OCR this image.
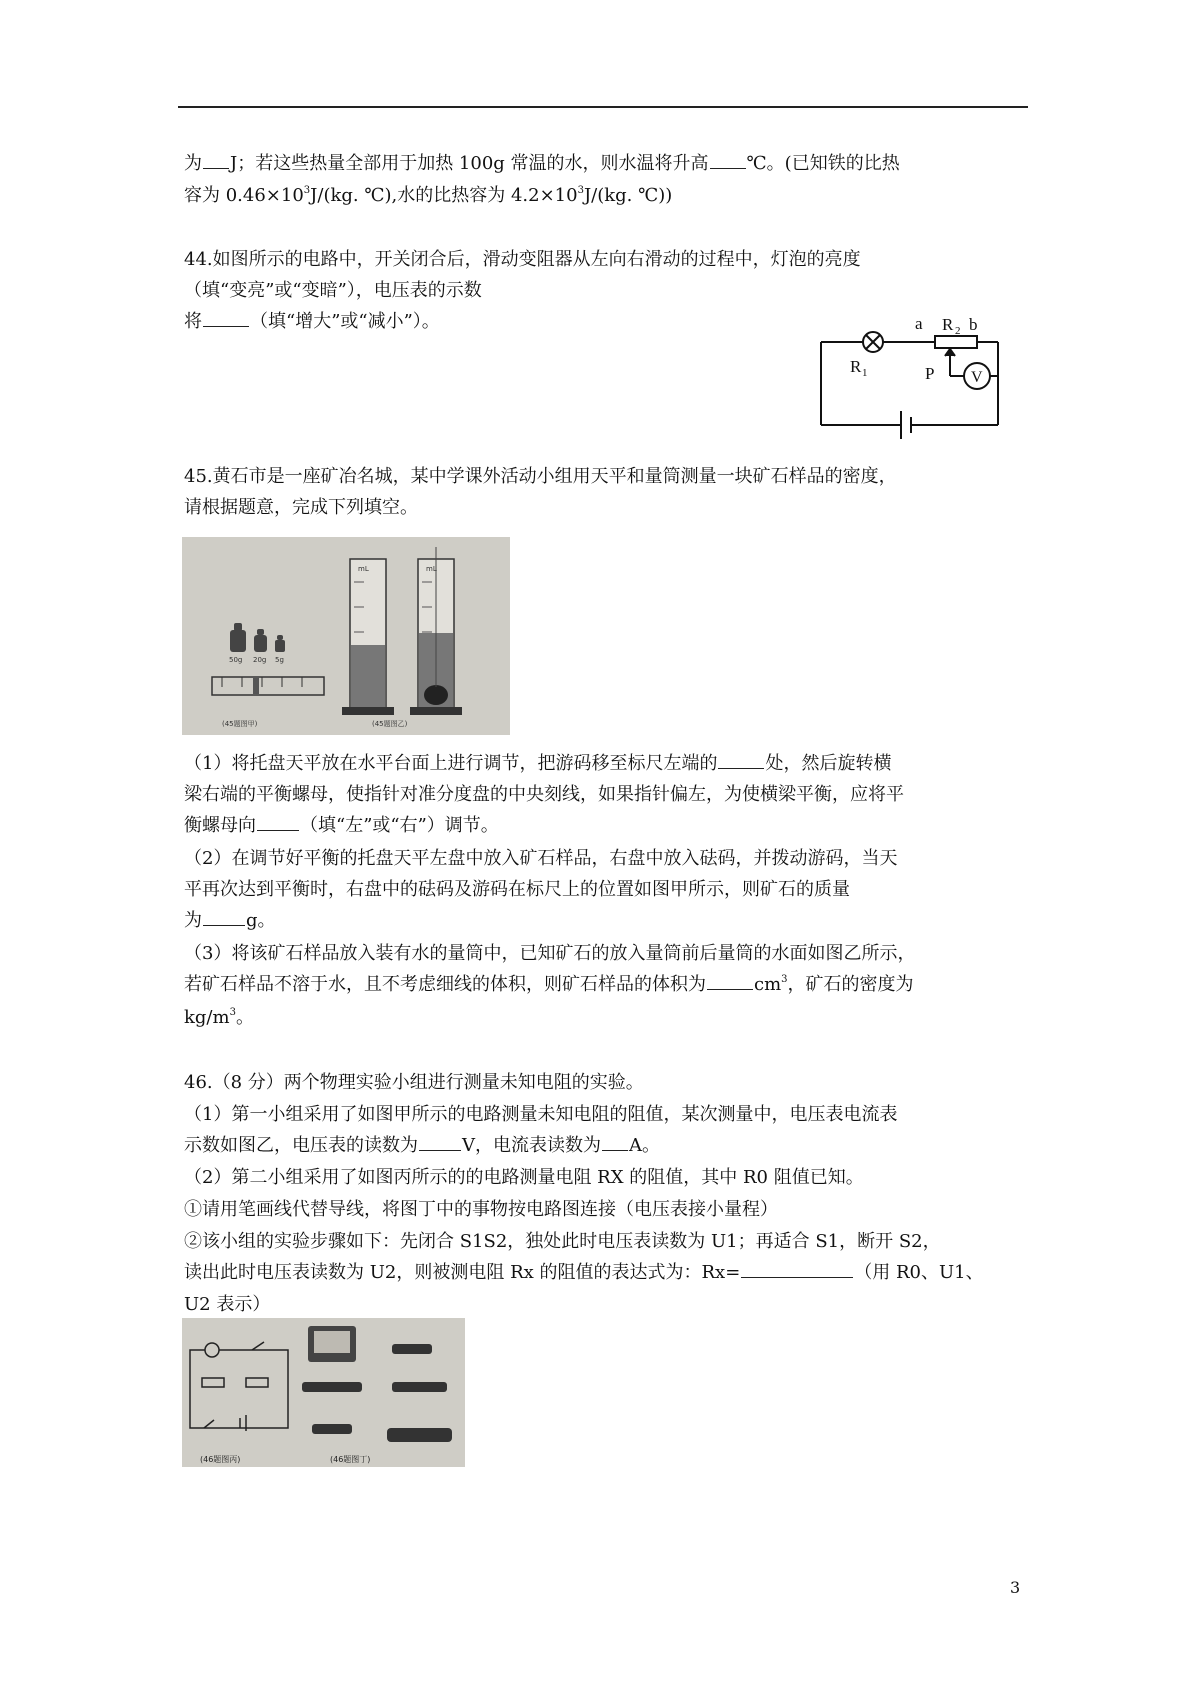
为 J；若这些热量全部用于加热 100g 常温的水，则水温将升高 ℃。(已知铁的比热
容为 $0.46\times 10^3J/(kg$. ℃),水的比热容为 $4.2\times 10^3J/(kg$. ℃))
44.如图所示的电路中，开关闭合后，滑动变阻器从左向右滑动的过程中，灯泡的亮度
（填“变亮”或“变暗”），电压表的示数
将	（填“增大”或“减小”）。	a R 2 b
R 1	P V
45.黄石市是一座矿冶名城，某中学课外活动小组用天平和量筒测量一块矿石样品的密度，
请根据题意，完成下列填空。
50g 20g 5g
mL	mL
(45题图甲)	(45题图乙)
（1）将托盘天平放在水平台面上进行调节，把游码移至标尺左端的	处，然后旋转横
梁右端的平衡螺母，使指针对准分度盘的中央刻线，如果指针偏左，为使横梁平衡，应将平
衡螺母向 （填“左”或“右”）调节。
（2）在调节好平衡的托盘天平左盘中放入矿石样品，右盘中放入砝码，并拨动游码，当天
平再次达到平衡时，右盘中的砝码及游码在标尺上的位置如图甲所示，则矿石的质量
为 g。
（3）将该矿石样品放入装有水的量筒中，已知矿石的放入量筒前后量筒的水面如图乙所示，
若矿石样品不溶于水，且不考虑细线的体积，则矿石样品的体积为	$cm^3$，矿石的密度为
$kg/m^3$。
46.（8 分）两个物理实验小组进行测量未知电阻的实验。
（1）第一小组采用了如图甲所示的电路测量未知电阻的阻值，某次测量中，电压表电流表
示数如图乙，电压表的读数为 V，电流表读数为 A。
（2）第二小组采用了如图丙所示的的电路测量电阻 RX 的阻值，其中 R0 阻值已知。
①请用笔画线代替导线，将图丁中的事物按电路图连接（电压表接小量程）
②该小组的实验步骤如下：先闭合 S1S2，独处此时电压表读数为 U1；再适合 S1，断开 S2，
读出此时电压表读数为 U2，则被测电阻 Rx 的阻值的表达式为：Rx=	（用 R0、U1、
U2 表示）
(46题图丙)	(46题图丁)
3
